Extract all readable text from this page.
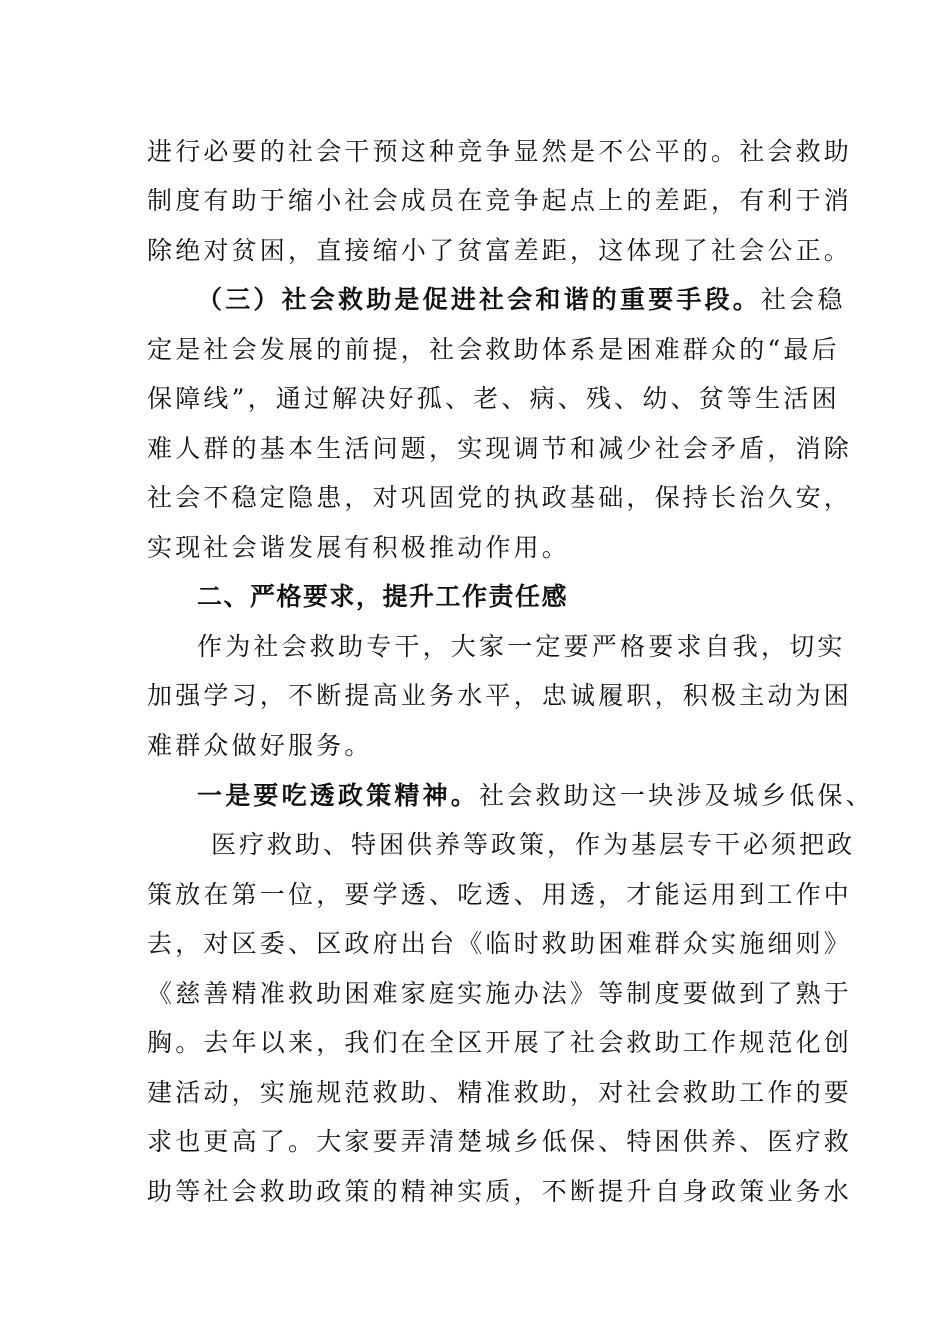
进行必要的社会干预这种竞争显然是不公平的。社会救助
制度有助于缩小社会成员在竞争起点上的差距，有利于消
除绝对贫困，直接缩小了贫富差距，这体现了社会公正。
（三）社会救助是促进社会和谐的重要手段。社会稳
定是社会发展的前提，社会救助体系是困难群众的“最后
保障线”，通过解决好孤、老、病、残、幼、贫等生活困
难人群的基本生活问题，实现调节和减少社会矛盾，消除
社会不稳定隐患，对巩固党的执政基础，保持长治久安，
实现社会谐发展有积极推动作用。
二、严格要求，提升工作责任感
作为社会救助专干，大家一定要严格要求自我，切实
加强学习，不断提高业务水平，忠诚履职，积极主动为困
难群众做好服务。
一是要吃透政策精神。社会救助这一块涉及城乡低保、
医疗救助、特困供养等政策，作为基层专干必须把政
策放在第一位，要学透、吃透、用透，才能运用到工作中
去，对区委、区政府出台《临时救助困难群众实施细则》
《慈善精准救助困难家庭实施办法》等制度要做到了熟于
胸。去年以来，我们在全区开展了社会救助工作规范化创
建活动，实施规范救助、精准救助，对社会救助工作的要
求也更高了。大家要弄清楚城乡低保、特困供养、医疗救
助等社会救助政策的精神实质，不断提升自身政策业务水
